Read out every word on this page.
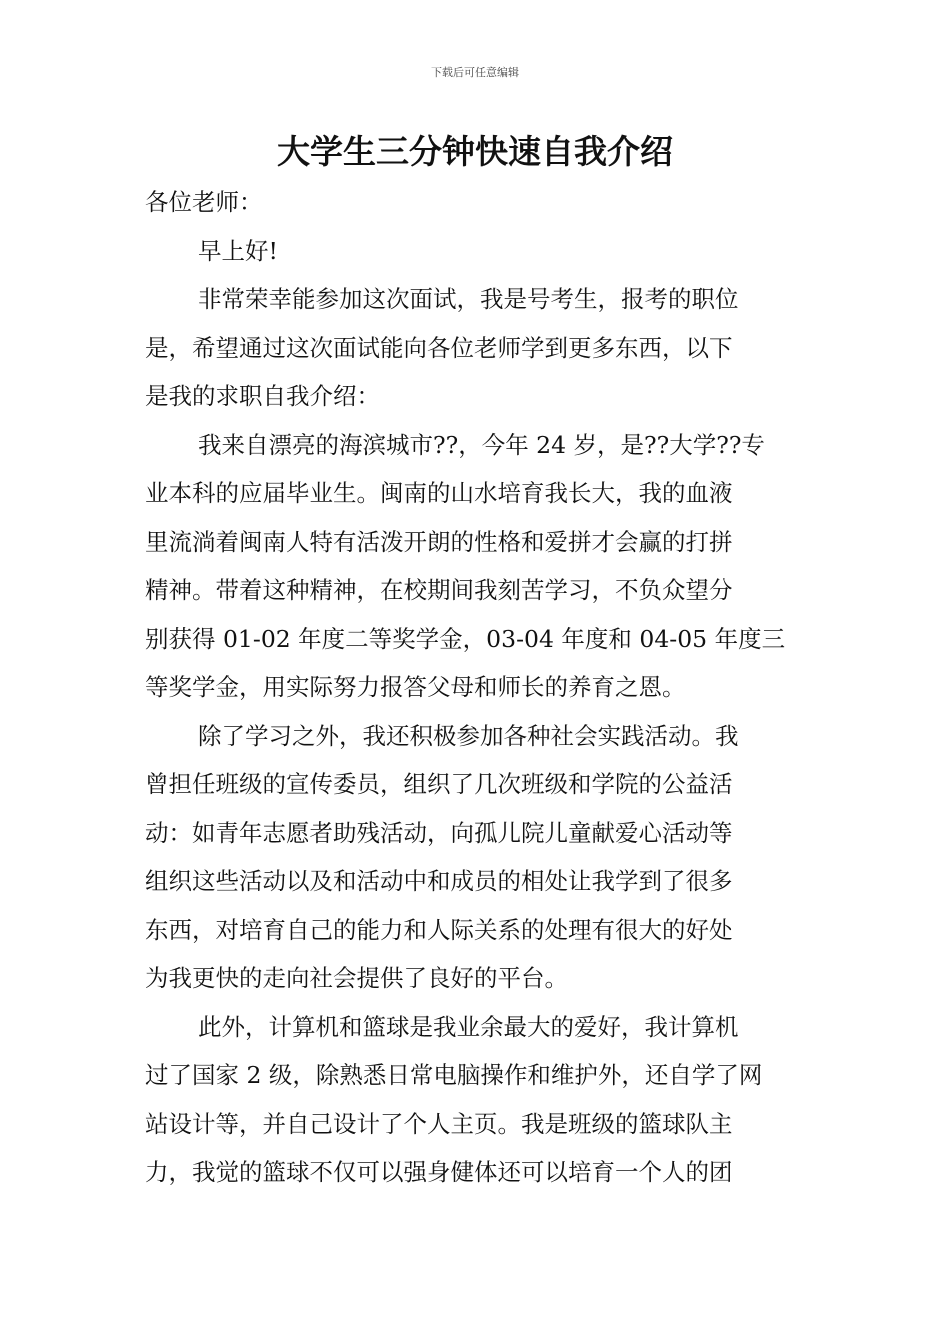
下载后可任意编辑
大学生三分钟快速自我介绍
各位老师：
早上好!
非常荣幸能参加这次面试，我是号考生，报考的职位
是，希望通过这次面试能向各位老师学到更多东西，以下
是我的求职自我介绍：
我来自漂亮的海滨城市??，今年 24 岁，是??大学??专
业本科的应届毕业生。闽南的山水培育我长大，我的血液
里流淌着闽南人特有活泼开朗的性格和爱拼才会赢的打拼
精神。带着这种精神，在校期间我刻苦学习，不负众望分
别获得 01-02 年度二等奖学金，03-04 年度和 04-05 年度三
等奖学金，用实际努力报答父母和师长的养育之恩。
除了学习之外，我还积极参加各种社会实践活动。我
曾担任班级的宣传委员，组织了几次班级和学院的公益活
动：如青年志愿者助残活动，向孤儿院儿童献爱心活动等
组织这些活动以及和活动中和成员的相处让我学到了很多
东西，对培育自己的能力和人际关系的处理有很大的好处
为我更快的走向社会提供了良好的平台。
此外，计算机和篮球是我业余最大的爱好，我计算机
过了国家 2 级，除熟悉日常电脑操作和维护外，还自学了网
站设计等，并自己设计了个人主页。我是班级的篮球队主
力，我觉的篮球不仅可以强身健体还可以培育一个人的团
